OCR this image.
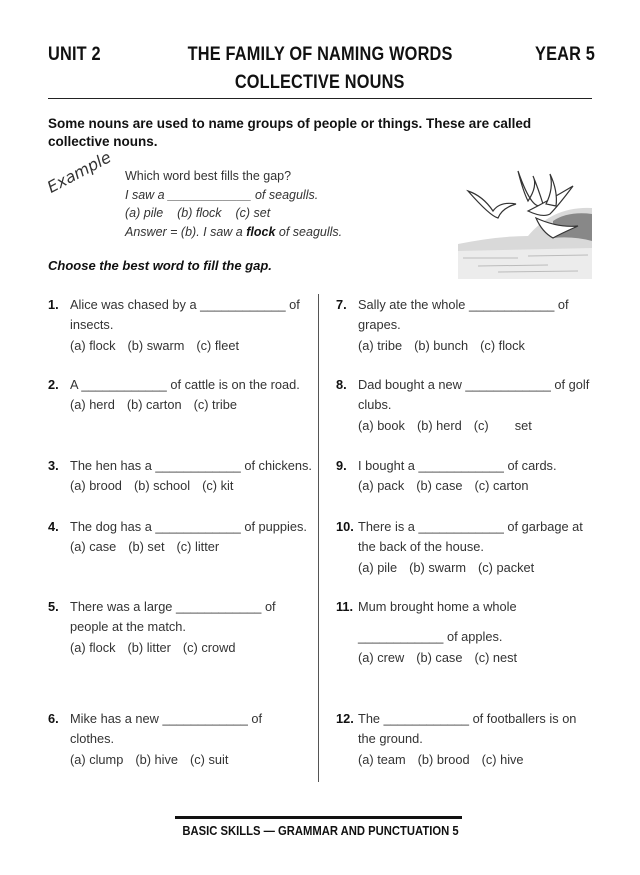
UNIT 2	THE FAMILY OF NAMING WORDS
COLLECTIVE NOUNS
YEAR 5
Some nouns are used to name groups of people or things. These are called collective nouns.
Example Which word best fills the gap?
I saw a ____________ of seagulls.
(a) pile    (b) flock    (c) set
Answer = (b). I saw a flock of seagulls.
Choose the best word to fill the gap.
1. Alice was chased by a ____________ of
insects.
(a) flock (b) swarm (c) fleet
2. A ____________ of cattle is on the road.
(a) herd (b) carton (c) tribe
3. The hen has a ____________ of chickens.
(a) brood (b) school (c) kit
4. The dog has a ____________ of puppies.
(a) case (b) set (c) litter
5. There was a large ____________ of
people at the match.
(a) flock (b) litter (c) crowd
6. Mike has a new ____________ of
clothes.
(a) clump (b) hive (c) suit
7. Sally ate the whole ____________ of
grapes.
(a) tribe (b) bunch (c) flock
8. Dad bought a new ____________ of golf
clubs.
(a) book (b) herd (c) set
9. I bought a ____________ of cards.
(a) pack (b) case (c) carton
10. There is a ____________ of garbage at
the back of the house.
(a) pile (b) swarm (c) packet
11. Mum brought home a whole
____________ of apples.
(a) crew (b) case (c) nest
12. The ____________ of footballers is on
the ground.
(a) team (b) brood (c) hive
BASIC SKILLS — GRAMMAR AND PUNCTUATION 5
